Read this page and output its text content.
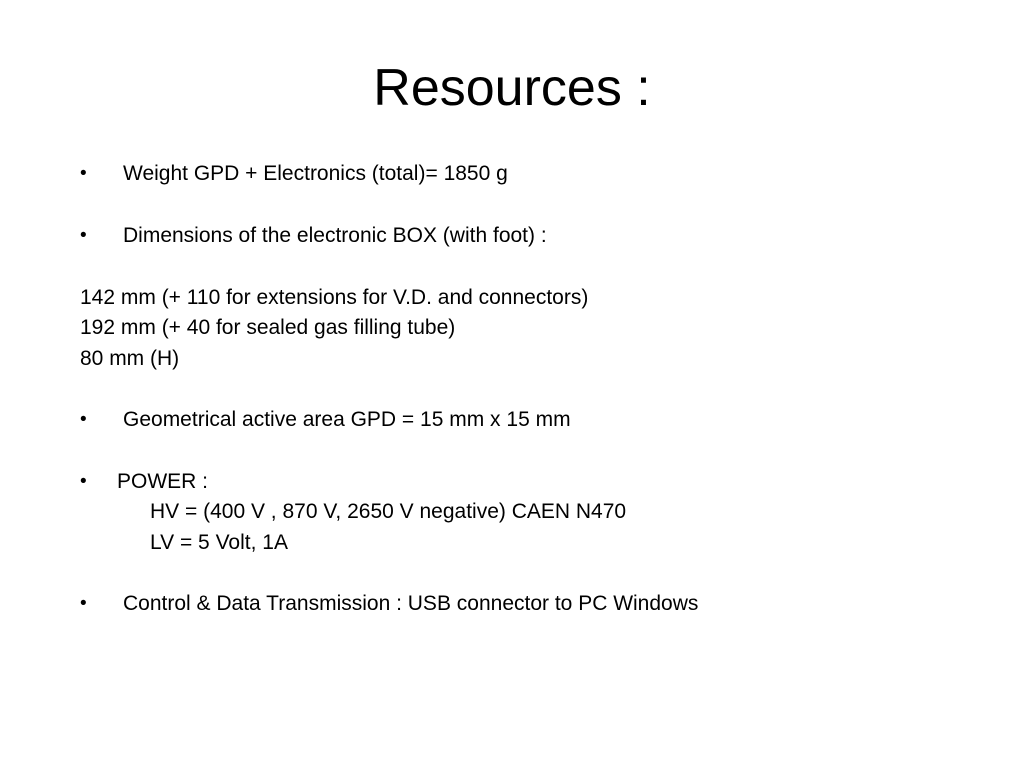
Resources :
• Weight GPD + Electronics (total)= 1850 g
• Dimensions of the electronic BOX (with foot) :
142 mm (+ 110 for extensions for V.D. and connectors)
192 mm (+ 40 for sealed gas filling tube)
80 mm (H)
• Geometrical active area GPD = 15 mm x 15 mm
• POWER :
HV = (400 V , 870 V, 2650 V negative) CAEN N470
LV = 5 Volt, 1A
• Control & Data Transmission : USB connector to PC Windows
